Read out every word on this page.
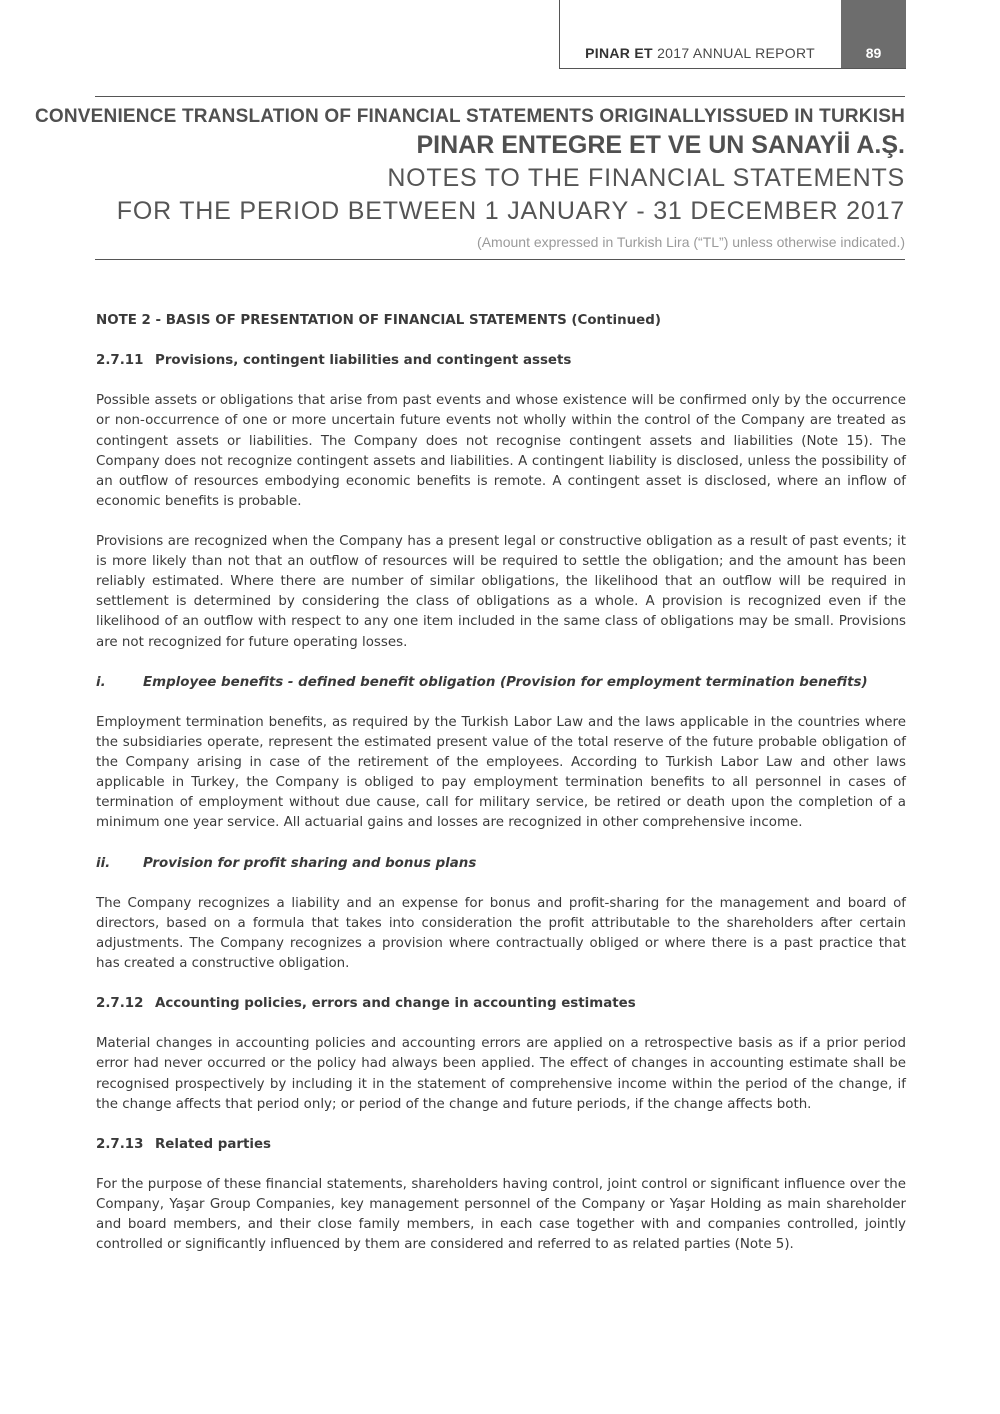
PINAR ET 2017 ANNUAL REPORT	89
CONVENIENCE TRANSLATION OF FINANCIAL STATEMENTS ORIGINALLYISSUED IN TURKISH
PINAR ENTEGRE ET VE UN SANAYİİ A.Ş.
NOTES TO THE FINANCIAL STATEMENTS
FOR THE PERIOD BETWEEN 1 JANUARY - 31 DECEMBER 2017
(Amount expressed in Turkish Lira (“TL”) unless otherwise indicated.)
NOTE 2 - BASIS OF PRESENTATION OF FINANCIAL STATEMENTS (Continued)
2.7.11 Provisions, contingent liabilities and contingent assets

Possible assets or obligations that arise from past events and whose existence will be confirmed only by the occurrence or non-occurrence of one or more uncertain future events not wholly within the control of the Company are treated as contingent assets or liabilities. The Company does not recognise contingent assets and liabilities (Note 15). The Company does not recognize contingent assets and liabilities. A contingent liability is disclosed, unless the possibility of an outflow of resources embodying economic benefits is remote. A contingent asset is disclosed, where an inflow of economic benefits is probable.

Provisions are recognized when the Company has a present legal or constructive obligation as a result of past events; it is more likely than not that an outflow of resources will be required to settle the obligation; and the amount has been reliably estimated. Where there are number of similar obligations, the likelihood that an outflow will be required in settlement is determined by considering the class of obligations as a whole. A provision is recognized even if the likelihood of an outflow with respect to any one item included in the same class of obligations may be small. Provisions are not recognized for future operating losses.

i.	Employee benefits - defined benefit obligation (Provision for employment termination benefits)

Employment termination benefits, as required by the Turkish Labor Law and the laws applicable in the countries where the subsidiaries operate, represent the estimated present value of the total reserve of the future probable obligation of the Company arising in case of the retirement of the employees. According to Turkish Labor Law and other laws applicable in Turkey, the Company is obliged to pay employment termination benefits to all personnel in cases of termination of employment without due cause, call for military service, be retired or death upon the completion of a minimum one year service. All actuarial gains and losses are recognized in other comprehensive income.

ii. Provision for profit sharing and bonus plans

The Company recognizes a liability and an expense for bonus and profit-sharing for the management and board of directors, based on a formula that takes into consideration the profit attributable to the shareholders after certain adjustments. The Company recognizes a provision where contractually obliged or where there is a past practice that has created a constructive obligation.

2.7.12 Accounting policies, errors and change in accounting estimates

Material changes in accounting policies and accounting errors are applied on a retrospective basis as if a prior period error had never occurred or the policy had always been applied. The effect of changes in accounting estimate shall be recognised prospectively by including it in the statement of comprehensive income within the period of the change, if the change affects that period only; or period of the change and future periods, if the change affects both.

2.7.13 Related parties

For the purpose of these financial statements, shareholders having control, joint control or significant influence over the Company, Yaşar Group Companies, key management personnel of the Company or Yaşar Holding as main shareholder and board members, and their close family members, in each case together with and companies controlled, jointly controlled or significantly influenced by them are considered and referred to as related parties (Note 5).
